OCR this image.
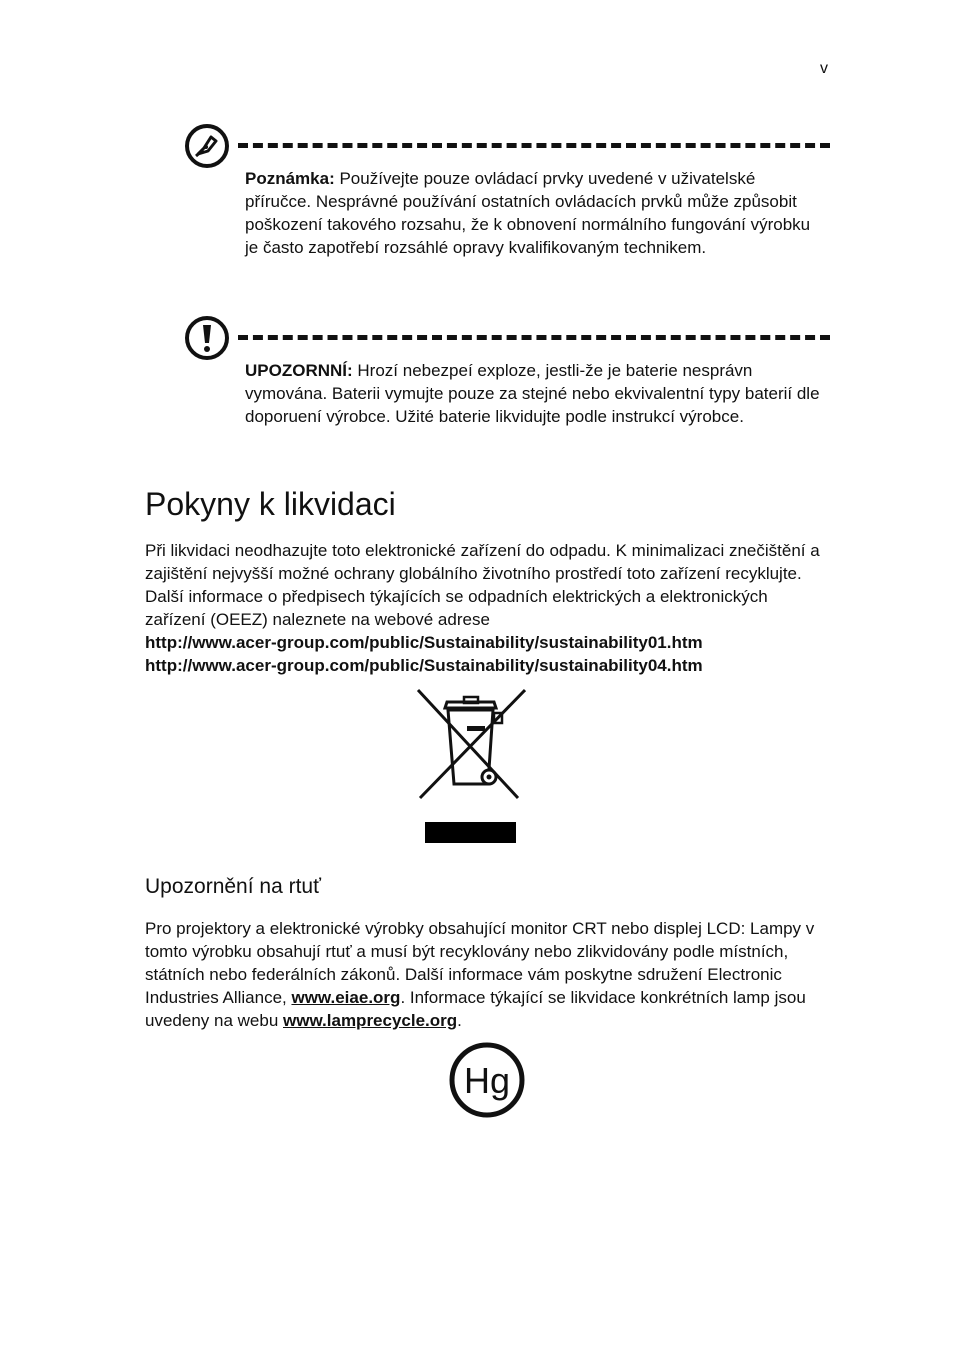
v
Poznámka: Používejte pouze ovládací prvky uvedené v uživatelské příručce. Nesprávné používání ostatních ovládacích prvků může způsobit poškození takového rozsahu, že k obnovení normálního fungování výrobku je často zapotřebí rozsáhlé opravy kvalifikovaným technikem.
UPOZORNNÍ: Hrozí nebezpeí exploze, jestli-že je baterie nesprávn vymována. Baterii vymujte pouze za stejné nebo ekvivalentní typy baterií dle doporuení výrobce. Užité baterie likvidujte podle instrukcí výrobce.
Pokyny k likvidaci
Při likvidaci neodhazujte toto elektronické zařízení do odpadu. K minimalizaci znečištění a zajištění nejvyšší možné ochrany globálního životního prostředí toto zařízení recyklujte. Další informace o předpisech týkajících se odpadních elektrických a elektronických zařízení (OEEZ) naleznete na webové adrese
http://www.acer-group.com/public/Sustainability/sustainability01.htm
http://www.acer-group.com/public/Sustainability/sustainability04.htm
Upozornění na rtuť
Pro projektory a elektronické výrobky obsahující monitor CRT nebo displej LCD: Lampy v tomto výrobku obsahují rtuť a musí být recyklovány nebo zlikvidovány podle místních, státních nebo federálních zákonů. Další informace vám poskytne sdružení Electronic Industries Alliance, www.eiae.org. Informace týkající se likvidace konkrétních lamp jsou uvedeny na webu www.lamprecycle.org.
Hg
